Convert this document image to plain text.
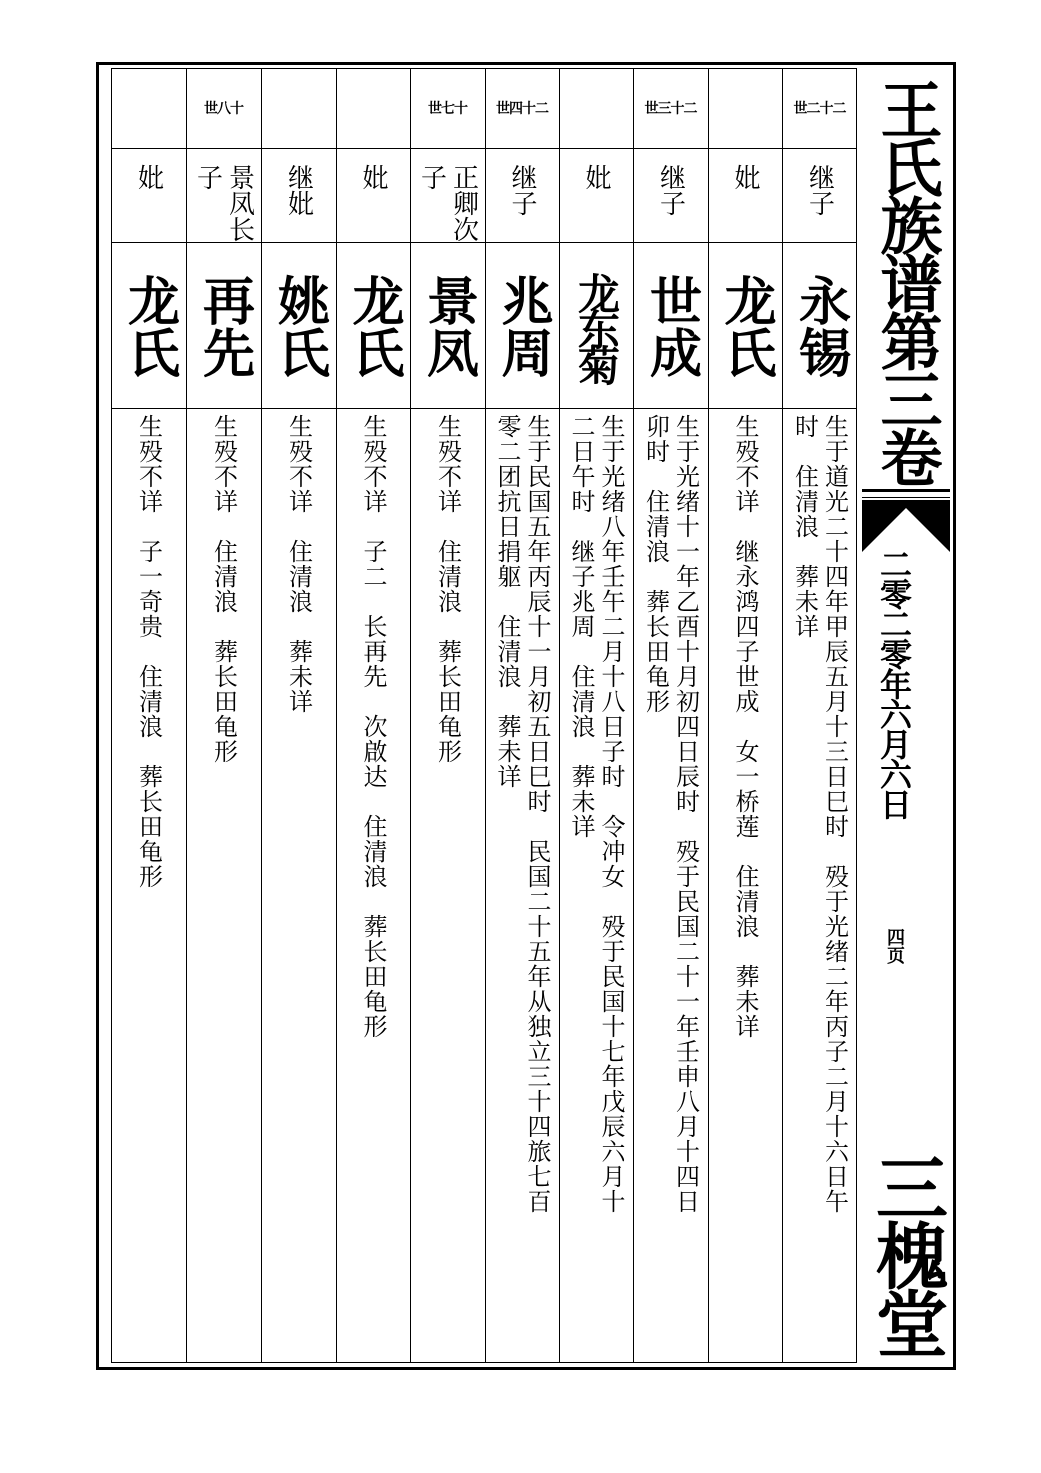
世二十二
继子
永锡
生于道光二十四年甲辰五月十三日巳时　殁于光绪二年丙子二月十六日午
时　住清浪　葬未详
妣
龙氏
生殁不详　继永鸿四子世成　女一桥莲　住清浪　葬未详
世三十二
继子
世成
生于光绪十一年乙酉十月初四日辰时　殁于民国二十一年壬申八月十四日
卯时　住清浪　葬长田龟形
妣
龙东菊
生于光绪八年壬午二月十八日子时　令冲女　殁于民国十七年戊辰六月十
二日午时　继子兆周　住清浪　葬未详
世四十二
继子
兆周
生于民国五年丙辰十一月初五日巳时　民国二十五年从独立三十四旅七百
零二团抗日捐躯　住清浪　葬未详
世七十
正卿次子
景凤
生殁不详　住清浪　葬长田龟形
妣
龙氏
生殁不详　子二　长再先　次啟达　住清浪　葬长田龟形
继妣
姚氏
生殁不详　住清浪　葬未详
世八十
景凤长子
再先
生殁不详　住清浪　葬长田龟形
妣
龙氏
生殁不详　子一奇贵　住清浪　葬长田龟形
王氏族谱第三卷
二零二零年六月六日
四页
三槐堂
